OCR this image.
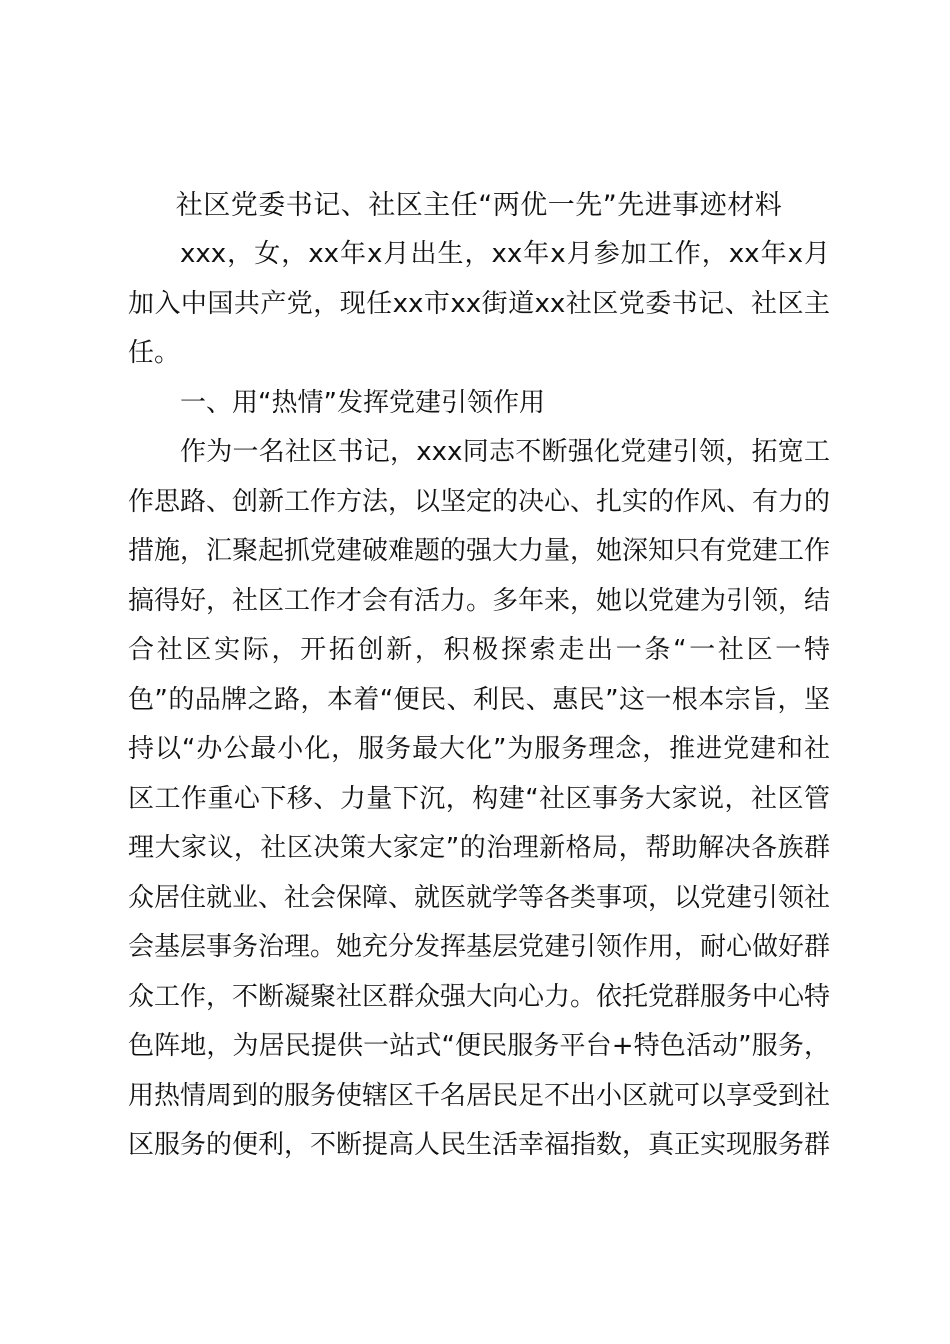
社区党委书记、社区主任“两优一先”先进事迹材料

xxx，女，xx年x月出生，xx年x月参加工作，xx年x月加入中国共产党，现任xx市xx街道xx社区党委书记、社区主任。

一、用“热情”发挥党建引领作用

作为一名社区书记，xxx同志不断强化党建引领，拓宽工作思路、创新工作方法，以坚定的决心、扎实的作风、有力的措施，汇聚起抓党建破难题的强大力量，她深知只有党建工作搞得好，社区工作才会有活力。多年来，她以党建为引领，结合社区实际，开拓创新，积极探索走出一条“一社区一特色”的品牌之路，本着“便民、利民、惠民”这一根本宗旨，坚持以“办公最小化，服务最大化”为服务理念，推进党建和社区工作重心下移、力量下沉，构建“社区事务大家说，社区管理大家议，社区决策大家定”的治理新格局，帮助解决各族群众居住就业、社会保障、就医就学等各类事项，以党建引领社会基层事务治理。她充分发挥基层党建引领作用，耐心做好群众工作，不断凝聚社区群众强大向心力。依托党群服务中心特色阵地，为居民提供一站式“便民服务平台+特色活动”服务，用热情周到的服务使辖区千名居民足不出小区就可以享受到社区服务的便利，不断提高人民生活幸福指数，真正实现服务群
